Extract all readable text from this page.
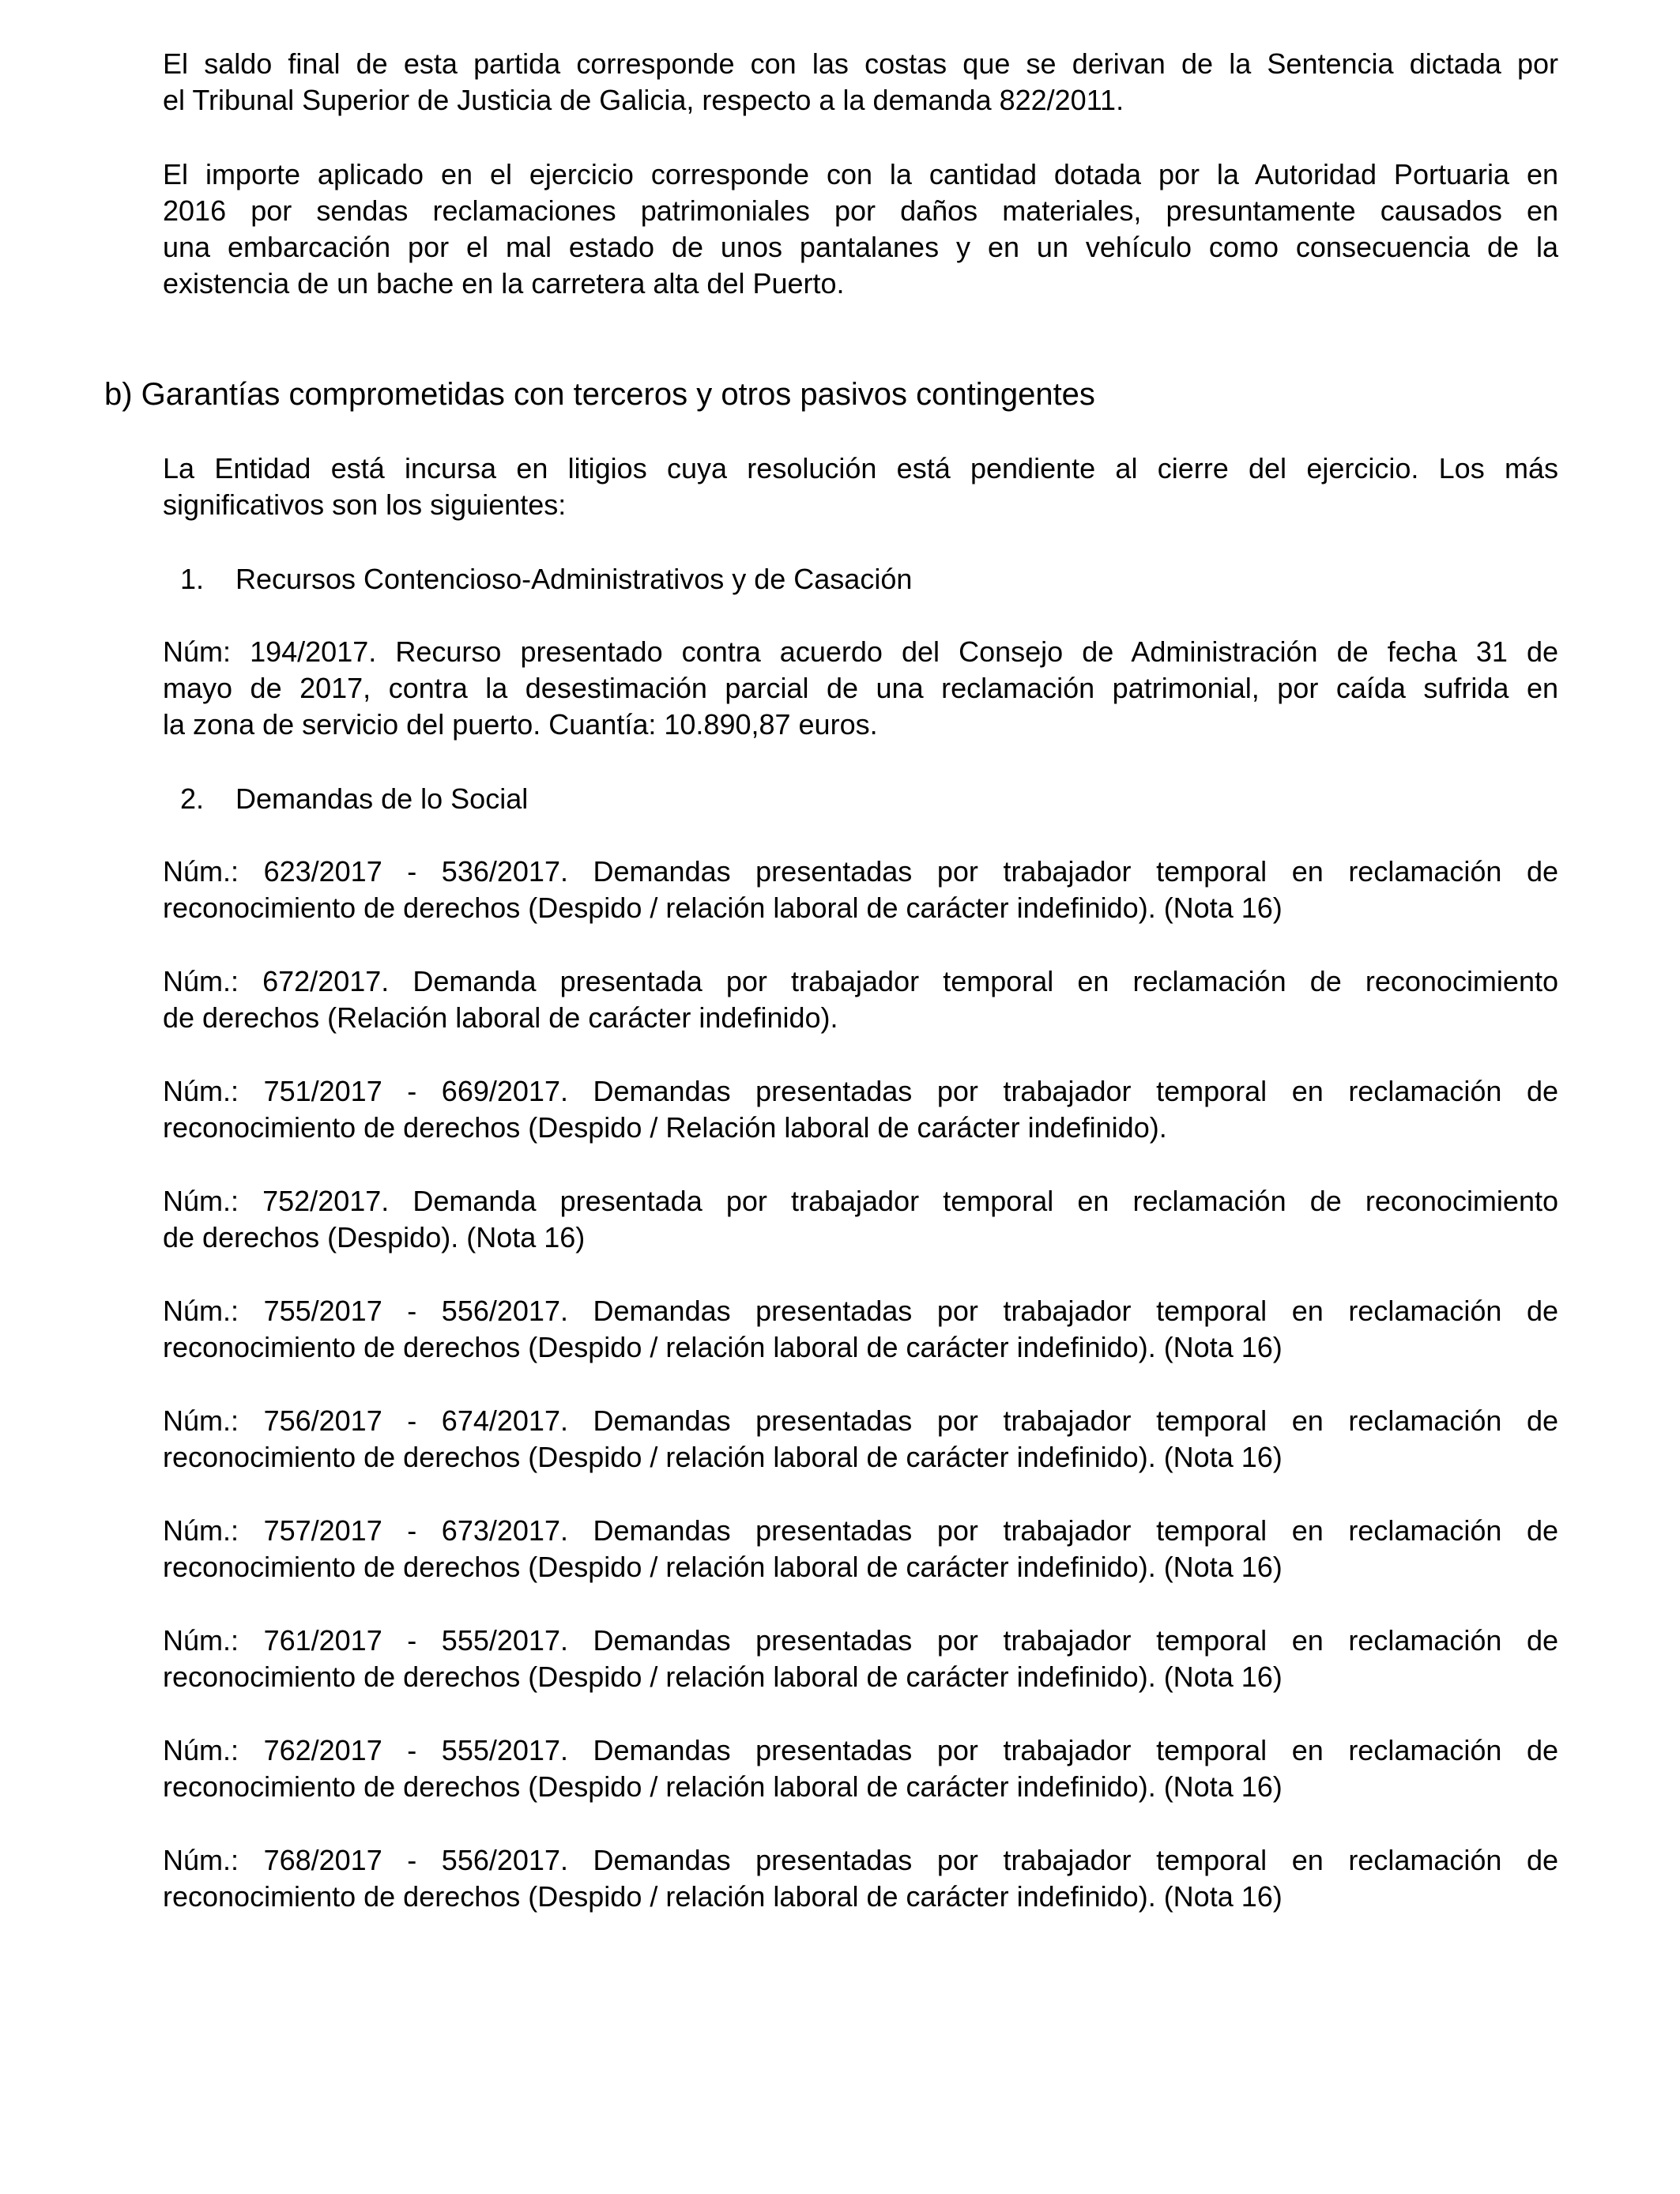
El saldo final de esta partida corresponde con las costas que se derivan de la Sentencia dictada por
el Tribunal Superior de Justicia de Galicia, respecto a la demanda 822/2011.
El importe aplicado en el ejercicio corresponde con la cantidad dotada por la Autoridad Portuaria en
2016 por sendas reclamaciones patrimoniales por daños materiales, presuntamente causados en
una embarcación por el mal estado de unos pantalanes y en un vehículo como consecuencia de la
existencia de un bache en la carretera alta del Puerto.
b) Garantías comprometidas con terceros y otros pasivos contingentes
La Entidad está incursa en litigios cuya resolución está pendiente al cierre del ejercicio. Los más
significativos son los siguientes:
1. Recursos Contencioso-Administrativos y de Casación
Núm: 194/2017. Recurso presentado contra acuerdo del Consejo de Administración de fecha 31 de
mayo de 2017, contra la desestimación parcial de una reclamación patrimonial, por caída sufrida en
la zona de servicio del puerto. Cuantía: 10.890,87 euros.
2. Demandas de lo Social
Núm.: 623/2017 - 536/2017. Demandas presentadas por trabajador temporal en reclamación de
reconocimiento de derechos (Despido / relación laboral de carácter indefinido). (Nota 16)
Núm.: 672/2017. Demanda presentada por trabajador temporal en reclamación de reconocimiento
de derechos (Relación laboral de carácter indefinido).
Núm.: 751/2017 - 669/2017. Demandas presentadas por trabajador temporal en reclamación de
reconocimiento de derechos (Despido / Relación laboral de carácter indefinido).
Núm.: 752/2017. Demanda presentada por trabajador temporal en reclamación de reconocimiento
de derechos (Despido). (Nota 16)
Núm.: 755/2017 - 556/2017. Demandas presentadas por trabajador temporal en reclamación de
reconocimiento de derechos (Despido / relación laboral de carácter indefinido). (Nota 16)
Núm.: 756/2017 - 674/2017. Demandas presentadas por trabajador temporal en reclamación de
reconocimiento de derechos (Despido / relación laboral de carácter indefinido). (Nota 16)
Núm.: 757/2017 - 673/2017. Demandas presentadas por trabajador temporal en reclamación de
reconocimiento de derechos (Despido / relación laboral de carácter indefinido). (Nota 16)
Núm.: 761/2017 - 555/2017. Demandas presentadas por trabajador temporal en reclamación de
reconocimiento de derechos (Despido / relación laboral de carácter indefinido). (Nota 16)
Núm.: 762/2017 - 555/2017. Demandas presentadas por trabajador temporal en reclamación de
reconocimiento de derechos (Despido / relación laboral de carácter indefinido). (Nota 16)
Núm.: 768/2017 - 556/2017. Demandas presentadas por trabajador temporal en reclamación de
reconocimiento de derechos (Despido / relación laboral de carácter indefinido). (Nota 16)
